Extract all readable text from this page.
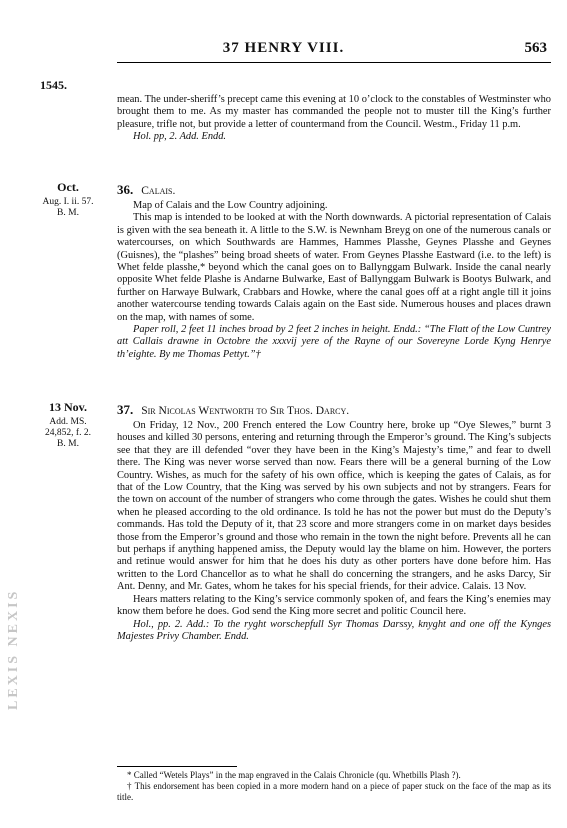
LEXIS NEXIS
37 HENRY VIII.	563
1545.

mean. The under-sheriff’s precept came this evening at 10 o’clock to the constables of Westminster who brought them to me. As my master has commanded the people not to muster till the King’s further pleasure, trifle not, but provide a letter of countermand from the Council. Westm., Friday 11 p.m.

Hol. pp, 2. Add. Endd.

Oct.
Aug. I. ii. 57.
B. M.
36. Calais.

Map of Calais and the Low Country adjoining.

This map is intended to be looked at with the North downwards. A pictorial representation of Calais is given with the sea beneath it. A little to the S.W. is Newnham Breyg on one of the numerous canals or watercourses, on which Southwards are Hammes, Hammes Plasshe, Geynes Plasshe and Geynes (Guisnes), the “plashes” being broad sheets of water. From Geynes Plasshe Eastward (i.e. to the left) is Whet felde plasshe,* beyond which the canal goes on to Ballynggam Bulwark. Inside the canal nearly opposite Whet felde Plashe is Andarne Bulwarke, East of Ballynggam Bulwark is Bootys Bulwark, and further on Harwaye Bulwark, Crabbars and Howke, where the canal goes off at a right angle till it joins another watercourse tending towards Calais again on the East side. Numerous houses and places drawn on the map, with names of some.

Paper roll, 2 feet 11 inches broad by 2 feet 2 inches in height. Endd.: “The Flatt of the Low Cuntrey att Callais drawne in Octobre the xxxvij yere of the Rayne of our Sovereyne Lorde Kyng Henrye th’eighte. By me Thomas Pettyt.”†

13 Nov.
Add. MS.
24,852, f. 2.
B. M.
37. Sir Nicolas Wentworth to Sir Thos. Darcy.

On Friday, 12 Nov., 200 French entered the Low Country here, broke up “Oye Slewes,” burnt 3 houses and killed 30 persons, entering and returning through the Emperor’s ground. The King’s subjects see that they are ill defended “over they have been in the King’s Majesty’s time,” and fear to dwell there. The King was never worse served than now. Fears there will be a general burning of the Low Country. Wishes, as much for the safety of his own office, which is keeping the gates of Calais, as for that of the Low Country, that the King was served by his own subjects and not by strangers. Fears for the town on account of the number of strangers who come through the gates. Wishes he could shut them when he pleased according to the old ordinance. Is told he has not the power but must do the Deputy’s commands. Has told the Deputy of it, that 23 score and more strangers come in on market days besides those from the Emperor’s ground and those who remain in the town the night before. Prevents all he can but perhaps if anything happened amiss, the Deputy would lay the blame on him. However, the porters and retinue would answer for him that he does his duty as other porters have done before him. Has written to the Lord Chancellor as to what he shall do concerning the strangers, and he asks Darcy, Sir Ant. Denny, and Mr. Gates, whom he takes for his special friends, for their advice. Calais. 13 Nov.

Hears matters relating to the King’s service commonly spoken of, and fears the King’s enemies may know them before he does. God send the King more secret and politic Council here.

Hol., pp. 2. Add.: To the ryght worschepfull Syr Thomas Darssy, knyght and one off the Kynges Majestes Privy Chamber. Endd.

* Called “Wetels Plays” in the map engraved in the Calais Chronicle (qu. Whetbills Plash ?).

† This endorsement has been copied in a more modern hand on a piece of paper stuck on the face of the map as its title.
